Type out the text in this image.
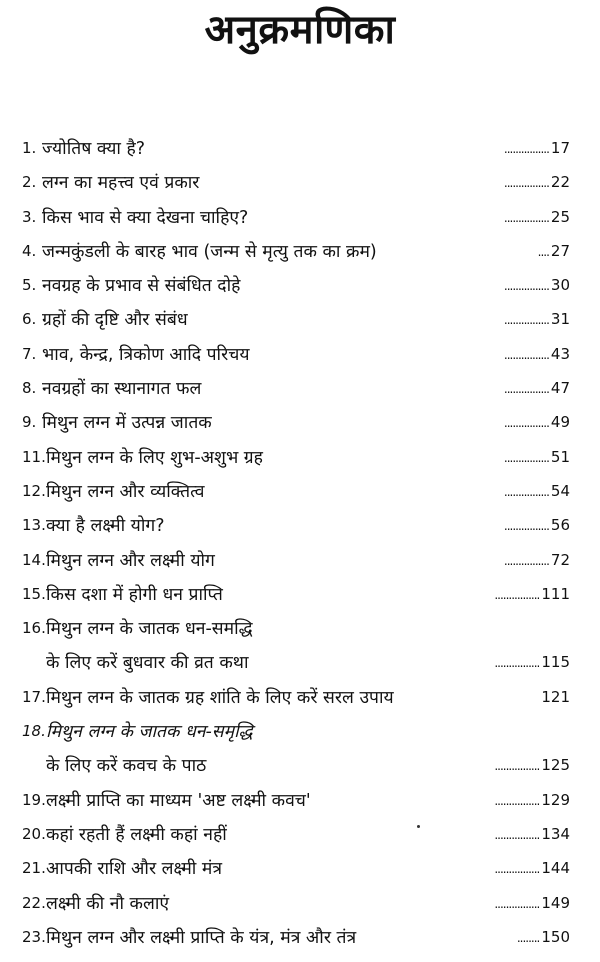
अनुक्रमणिका
1. ज्योतिष क्या है?	................ 17
2. लग्न का महत्त्व एवं प्रकार	................ 22
3. किस भाव से क्या देखना चाहिए?	................ 25
4. जन्मकुंडली के बारह भाव (जन्म से मृत्यु तक का क्रम)	.... 27
5. नवग्रह के प्रभाव से संबंधित दोहे	................ 30
6. ग्रहों की दृष्टि और संबंध	................ 31
7. भाव, केन्द्र, त्रिकोण आदि परिचय	................ 43
8. नवग्रहों का स्थानागत फल	................ 47
9. मिथुन लग्न में उत्पन्न जातक	................ 49
11. मिथुन लग्न के लिए शुभ-अशुभ ग्रह	................ 51
12. मिथुन लग्न और व्यक्तित्व	................ 54
13. क्या है लक्ष्मी योग?	................ 56
14. मिथुन लग्न और लक्ष्मी योग	................ 72
15. किस दशा में होगी धन प्राप्ति	................ 111
16. मिथुन लग्न के जातक धन-समद्धि
के लिए करें बुधवार की व्रत कथा	................ 115
17. मिथुन लग्न के जातक ग्रह शांति के लिए करें सरल उपाय	121
18. मिथुन लग्न के जातक धन-समृद्धि
के लिए करें कवच के पाठ	................ 125
19. लक्ष्मी प्राप्ति का माध्यम 'अष्ट लक्ष्मी कवच'	................ 129
20. कहां रहती हैं लक्ष्मी कहां नहीं	................ 134
21. आपकी राशि और लक्ष्मी मंत्र	................ 144
22. लक्ष्मी की नौ कलाएं	................ 149
23. मिथुन लग्न और लक्ष्मी प्राप्ति के यंत्र, मंत्र और तंत्र	........ 150
